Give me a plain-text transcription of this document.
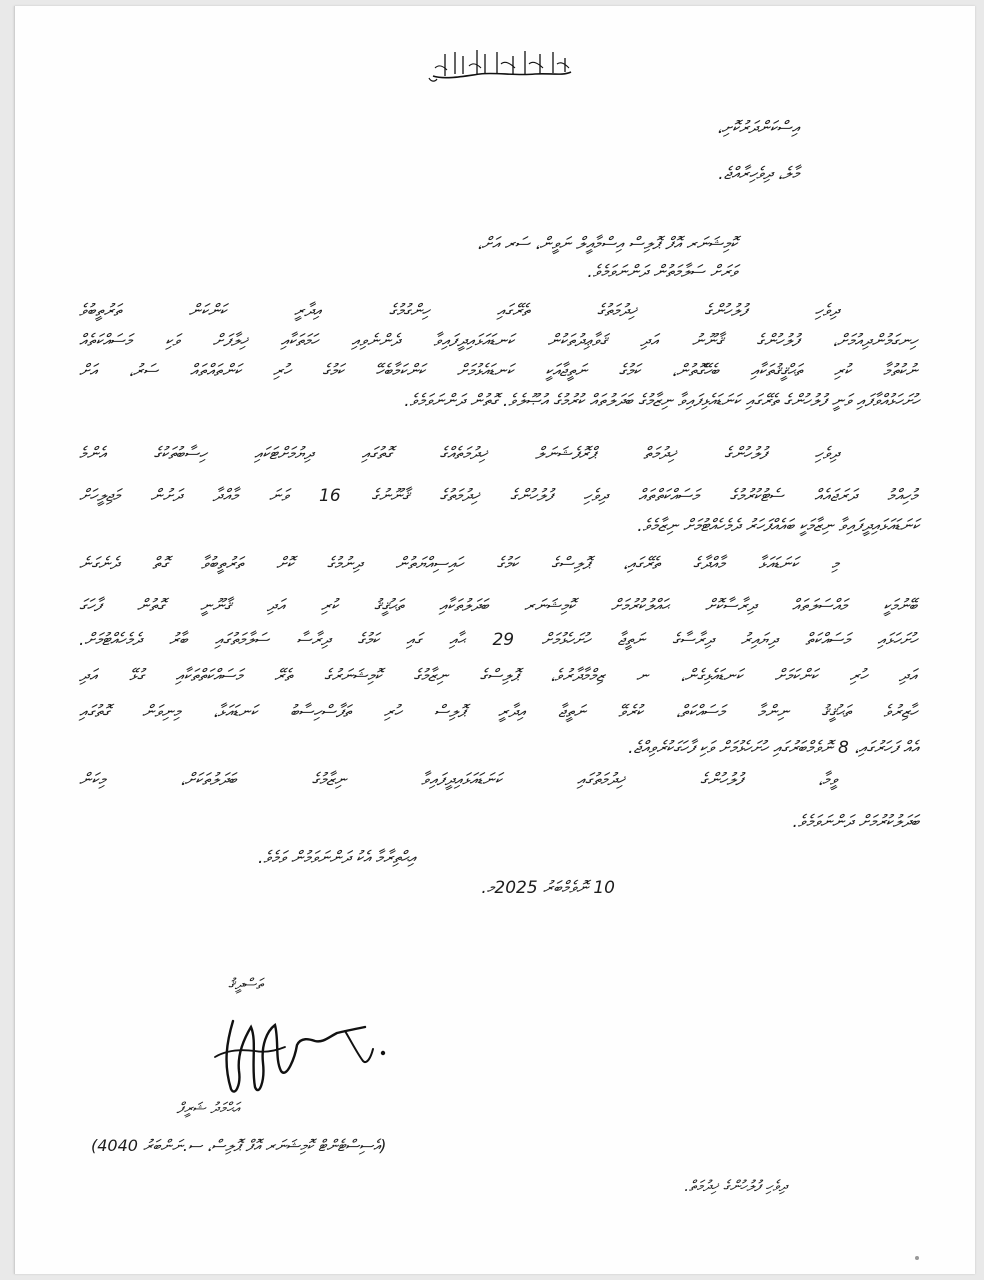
އިސްކަންދަރުކޮށި،
މާލެ، ދިވެހިރާއްޖެ.
ކޮމިޝަނަރ އޮފް ޕޮލިސް އިސްމާއީލް ނަވީން، ސަރ އަށް،
ވަރަށް ސަލާމަތުން ދަންނަވަމެވެ.
ދިވެހި ފުލުހުންގެ ޚިދުމަތުގެ ތެރޭގައި ހިންގުމުގެ އިދާރީ ކަންކަން ތަރުތީބުވެ
ހިނގަމުންދިއުމަށް، ފުލުހުންގެ ޤާނޫނު އަދި ޤަވާޢިދުތަކުން ކަނޑައަޅައިދީފައިވާ ދެންނެވިއި ހަމަތަކާއި ޚިލާފަށް ވަކި މަސައްކަތެއް
ނުކުތުމާ ކުރި ތަޙްޤީޤުތަކާއި ބެހޭގޮތުން، ކަމުގެ ނަތީޖާއަކީ ކަނޑައެޅުމަށް ކަންކަމާބެހޭ ކަމުގެ ހުރި ކަންތައްތައް ސަރު، އަށް
ހުށަހަޅުއްވާފައި ވަނީ ފުލުހުންގެ ތެރޭގައި ކަނަޑައެޅިފައިވާ ނިޒާމުގެ ބަދަލުތައް ކުރުމުގެ އުޞޫލެވެ. ގޮތުން ދަންނަވަމެވެ.
ދިވެހި ފުލުހުންގެ ޚިދުމަތް ޕްރޮފެޝަނަލް ޚިދުމަތެއްގެ ގޮތުގައި ދިޔުމަށްޓަކައި ހިސާބުތަކުގެ އެންމެ
މުހިއްމު ދަރަޖައެއް ސެޓުކުރުމުގެ މަސައްކަތްތައް ދިވެހި ފުލުހުންގެ ޚިދުމަތުގެ ޤާނޫނުގެ 16 ވަނަ މާއްދާ ދަށުން މަޖިލީހަށް
ކަނަޑައަޅައިދީފައިވާ ނިޒާމަކީ ބައެއްފަހަރު ދެމެހެއްޓުމަށް ނިޒާމެވެ.
މި ކަނަޑައަޅާ މާއްދާގެ ތެރޭގައި، ޕޮލިސްގެ ކަމުގެ ހައިސިއްޔަތުން ދިނުމުގެ ކޮށް ތަރުތީބުވާ ގޮތް ދެނެގަނެ
ބޭނުމަކީ މައްސަލަތައް ދިރާސާކޮށް ޙައްލުކުރުމަށް ކޮމިޝަނަރ ބަދަލުތަކާއި ތަޙުޤީޤު ކުރި އަދި ޤާނޫނީ ގޮތުން ފާހަގަ
ހުށަހަޅައި މަސައްކަތް ދިޔައިރު ދިރާސާގެ ނަތީޖާ ހުށަހެޅުމަށް 29 ޙާއި ގައި ކަމުގެ ދިރާސާ ސަލާމަތުގައި ބާރު ދެމެހެއްޓުމަށް.
އަދި ހުރި ކަންކަމަށް ކަނޑައެޅިގެން، ނ ޒިމްމާދާރުވެ، ޕޮލިސްގެ ނިޒާމުގެ ކޮމިޝަނަރުގެ ތެރޭ މަސައްކަތްތަކާއި ގުޅޭ އަދި
ހާޒިރުވެ ތަޙުޤީޤު ނިންމާ މަސައްކަތް، ކުރެވޭ ނަތީޖާ އިދާރީ ޕޮލިސް ހުރި ތަފާސްހިސާބު ކަނޑައަޅާ، މިނިވަން ގޮތުގައި
އެއް ފަހަރުގައި، 8 ނޮވެމްބަރުގައި ހުށަހެޅުމަށް ވަކި ފާހަގަކުރެވިއްޖެ.
ވީމާ، ފުލުހުންގެ ޚިދުމަތުގައި ކަނަޑައަޅައިދީފައިވާ ނިޒާމުގެ ބަދަލުތަކަށް، މިކަން
ބަދަލުކުރުމަށް ދަންނަވަމެވެ.
އިޙްތިރާމާ އެކު ދަންނަވަމުން ވަމެވެ.
10 ނޮވެމްބަރު 2025މ.
ތަސްދީޤު
އަޙްމަދު ޝަރީފް
(އެސިސްޓެންޓް ކޮމިޝަނަރ އޮފް ޕޮލިސް، ސ.ނަންބަރު 4040)
ދިވެހި ފުލުހުންގެ ޚިދުމަތް.
